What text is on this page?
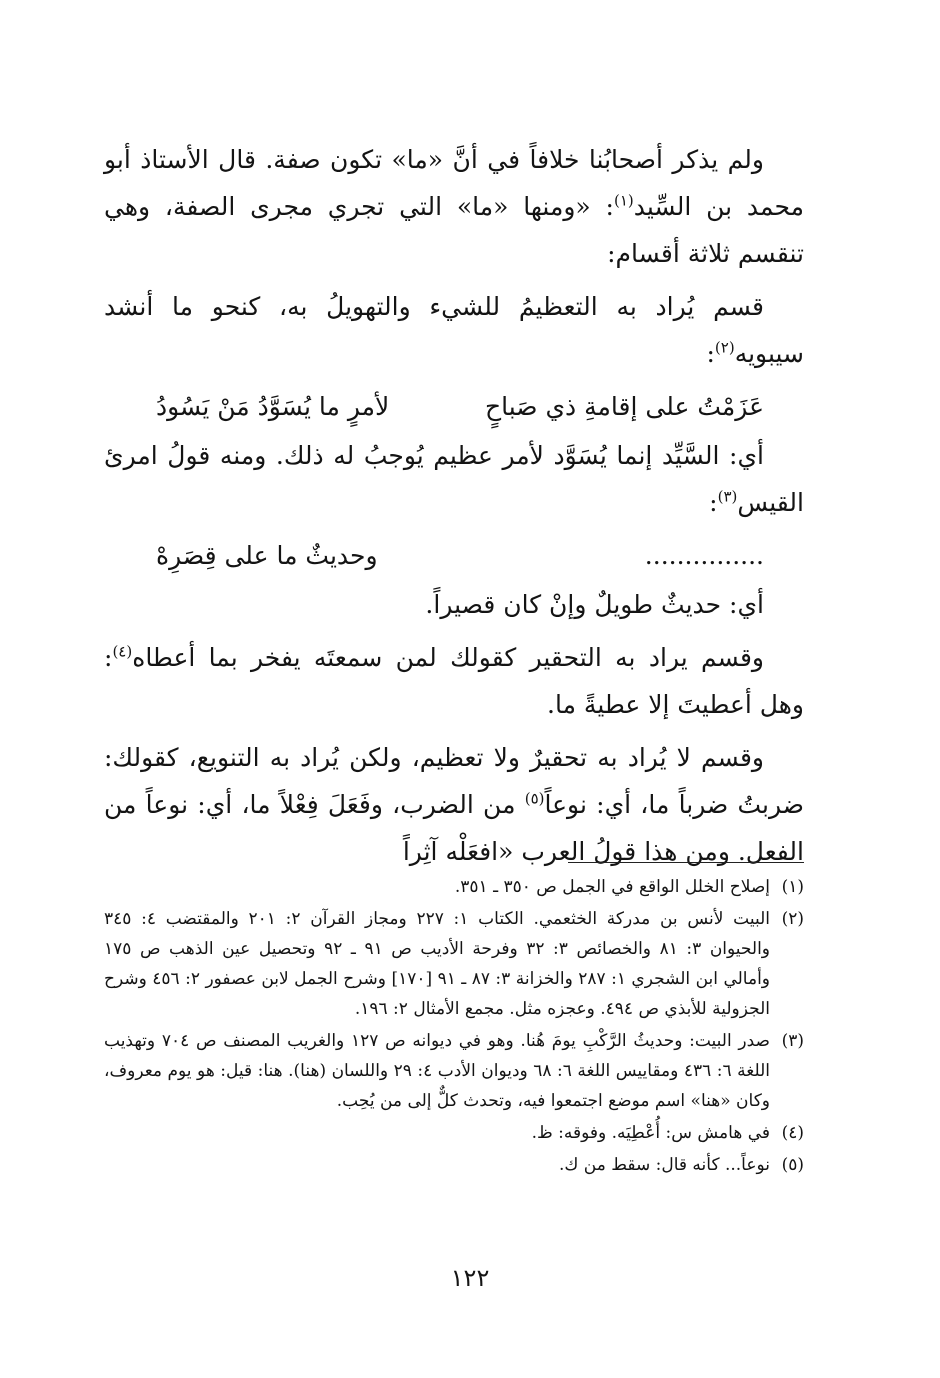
ولم يذكر أصحابُنا خلافاً في أنَّ «ما» تكون صفة. قال الأستاذ أبو محمد بن السِّيد$^{(١)}$: «ومنها «ما» التي تجري مجرى الصفة، وهي تنقسم ثلاثة أقسام:

قسم يُراد به التعظيمُ للشيء والتهويلُ به، كنحو ما أنشد سيبويه$^{(٢)}$:

عَزَمْتُ على إقامةِ ذي صَباحٍ
لأمرٍ ما يُسَوَّدُ مَنْ يَسُودُ

أي: السَّيِّد إنما يُسَوَّد لأمر عظيم يُوجبُ له ذلك. ومنه قولُ امرئ القيس$^{(٣)}$:

...............
وحديثٌ ما على قِصَرِهْ

أي: حديثٌ طويلٌ وإنْ كان قصيراً.

وقسم يراد به التحقير كقولك لمن سمعتَه يفخر بما أعطاه$^{(٤)}$: وهل أعطيتَ إلا عطيةً ما.

وقسم لا يُراد به تحقيرٌ ولا تعظيم، ولكن يُراد به التنويع، كقولك: ضربتُ ضرباً ما، أي: نوعاً$^{(٥)}$ من الضرب، وفَعَلَ فِعْلاً ما، أي: نوعاً من الفعل. ومن هذا قولُ العرب «افعَلْه آثِراً

(١)
إصلاح الخلل الواقع في الجمل ص ٣٥٠ ـ ٣٥١.
(٢)
البيت لأنس بن مدركة الخثعمي. الكتاب ١: ٢٢٧ ومجاز القرآن ٢: ٢٠١ والمقتضب ٤: ٣٤٥ والحيوان ٣: ٨١ والخصائص ٣: ٣٢ وفرحة الأديب ص ٩١ ـ ٩٢ وتحصيل عين الذهب ص ١٧٥ وأمالي ابن الشجري ١: ٢٨٧ والخزانة ٣: ٨٧ ـ ٩١ [١٧٠] وشرح الجمل لابن عصفور ٢: ٤٥٦ وشرح الجزولية للأبذي ص ٤٩٤. وعجزه مثل. مجمع الأمثال ٢: ١٩٦.
(٣)
صدر البيت: وحديثُ الرَّكْبِ يومَ هُنا. وهو في ديوانه ص ١٢٧ والغريب المصنف ص ٧٠٤ وتهذيب اللغة ٦: ٤٣٦ ومقاييس اللغة ٦: ٦٨ وديوان الأدب ٤: ٢٩ واللسان (هنا). هنا: قيل: هو يوم معروف، وكان «هنا» اسم موضع اجتمعوا فيه، وتحدث كلٌّ إلى من يُحِب.
(٤)
في هامش س: أُعْطِيَه. وفوقه: ظ.
(٥)
نوعاً... كأنه قال: سقط من ك.
١٢٢
